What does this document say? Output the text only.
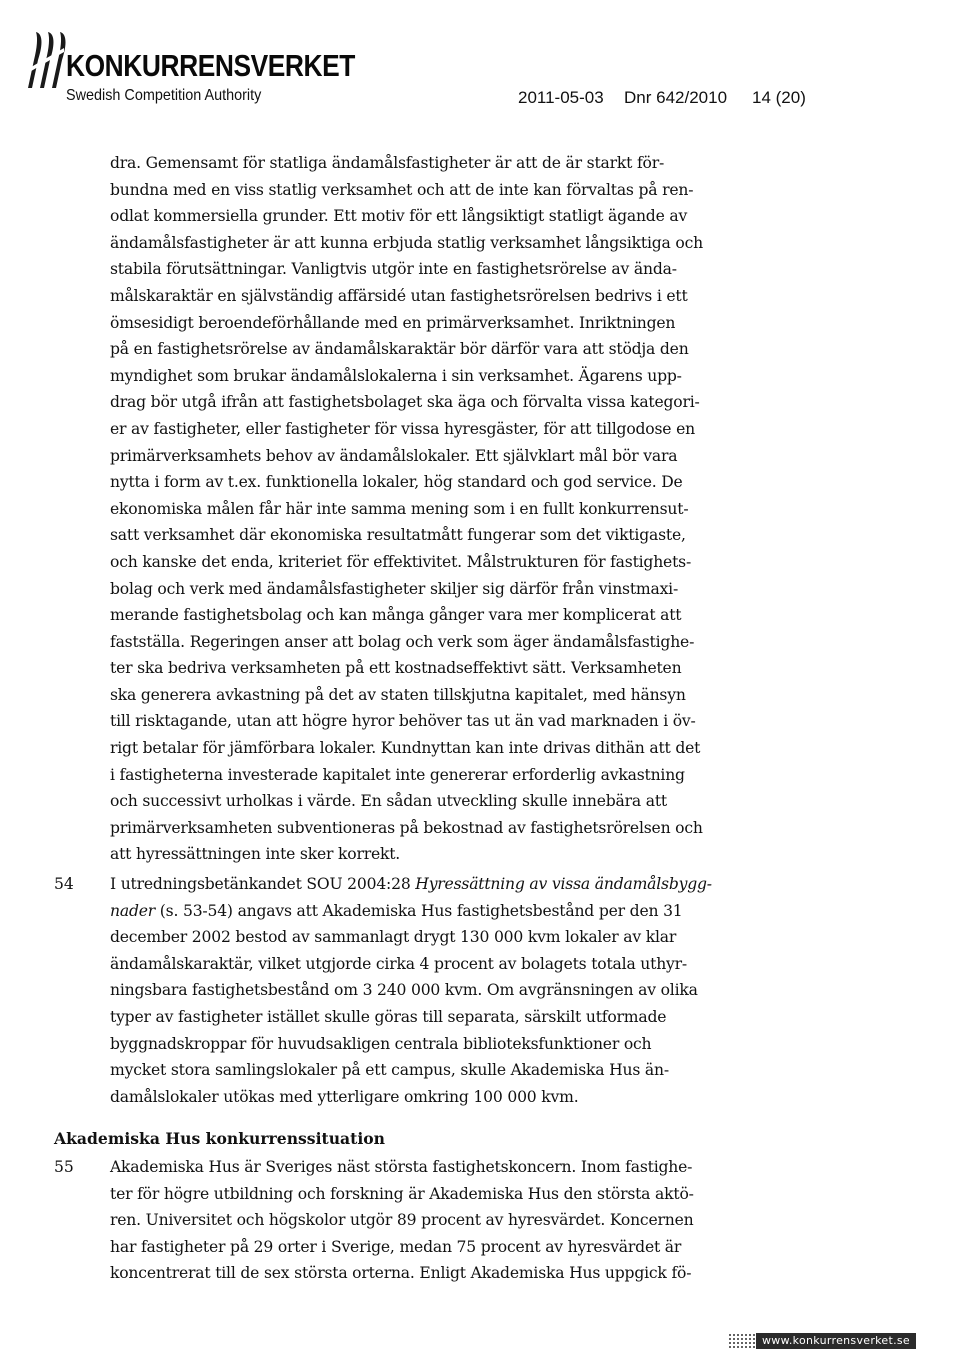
KONKURRENSVERKET
Swedish Competition Authority	2011-05-03 Dnr 642/2010 14 (20)
dra. Gemensamt för statliga ändamålsfastigheter är att de är starkt för-
bundna med en viss statlig verksamhet och att de inte kan förvaltas på ren-
odlat kommersiella grunder. Ett motiv för ett långsiktigt statligt ägande av
ändamålsfastigheter är att kunna erbjuda statlig verksamhet långsiktiga och
stabila förutsättningar. Vanligtvis utgör inte en fastighetsrörelse av ända-
målskaraktär en självständig affärsidé utan fastighetsrörelsen bedrivs i ett
ömsesidigt beroendeförhållande med en primärverksamhet. Inriktningen
på en fastighetsrörelse av ändamålskaraktär bör därför vara att stödja den
myndighet som brukar ändamålslokalerna i sin verksamhet. Ägarens upp-
drag bör utgå ifrån att fastighetsbolaget ska äga och förvalta vissa kategori-
er av fastigheter, eller fastigheter för vissa hyresgäster, för att tillgodose en
primärverksamhets behov av ändamålslokaler. Ett självklart mål bör vara
nytta i form av t.ex. funktionella lokaler, hög standard och god service. De
ekonomiska målen får här inte samma mening som i en fullt konkurrensut-
satt verksamhet där ekonomiska resultatmått fungerar som det viktigaste,
och kanske det enda, kriteriet för effektivitet. Målstrukturen för fastighets-
bolag och verk med ändamålsfastigheter skiljer sig därför från vinstmaxi-
merande fastighetsbolag och kan många gånger vara mer komplicerat att
fastställa. Regeringen anser att bolag och verk som äger ändamålsfastighe-
ter ska bedriva verksamheten på ett kostnadseffektivt sätt. Verksamheten
ska generera avkastning på det av staten tillskjutna kapitalet, med hänsyn
till risktagande, utan att högre hyror behöver tas ut än vad marknaden i öv-
rigt betalar för jämförbara lokaler. Kundnyttan kan inte drivas dithän att det
i fastigheterna investerade kapitalet inte genererar erforderlig avkastning
och successivt urholkas i värde. En sådan utveckling skulle innebära att
primärverksamheten subventioneras på bekostnad av fastighetsrörelsen och
att hyressättningen inte sker korrekt.
54 I utredningsbetänkandet SOU 2004:28 Hyressättning av vissa ändamålsbygg-
nader (s. 53-54) angavs att Akademiska Hus fastighetsbestånd per den 31
december 2002 bestod av sammanlagt drygt 130 000 kvm lokaler av klar
ändamålskaraktär, vilket utgjorde cirka 4 procent av bolagets totala uthyr-
ningsbara fastighetsbestånd om 3 240 000 kvm. Om avgränsningen av olika
typer av fastigheter istället skulle göras till separata, särskilt utformade
byggnadskroppar för huvudsakligen centrala biblioteksfunktioner och
mycket stora samlingslokaler på ett campus, skulle Akademiska Hus än-
damålslokaler utökas med ytterligare omkring 100 000 kvm.
Akademiska Hus konkurrenssituation
55 Akademiska Hus är Sveriges näst största fastighetskoncern. Inom fastighe-
ter för högre utbildning och forskning är Akademiska Hus den största aktö-
ren. Universitet och högskolor utgör 89 procent av hyresvärdet. Koncernen
har fastigheter på 29 orter i Sverige, medan 75 procent av hyresvärdet är
koncentrerat till de sex största orterna. Enligt Akademiska Hus uppgick fö-
www.konkurrensverket.se
